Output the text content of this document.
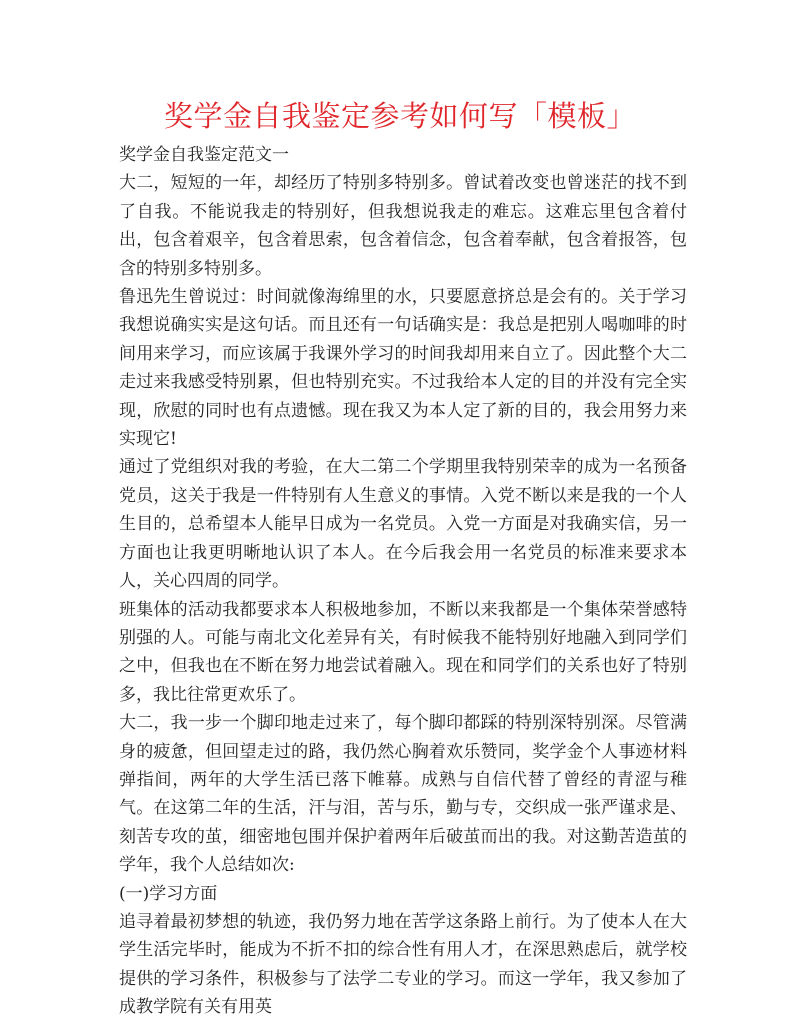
奖学金自我鉴定参考如何写「模板」

奖学金自我鉴定范文一

大二，短短的一年，却经历了特别多特别多。曾试着改变也曾迷茫的找不到了自我。不能说我走的特别好，但我想说我走的难忘。这难忘里包含着付出，包含着艰辛，包含着思索，包含着信念，包含着奉献，包含着报答，包含的特别多特别多。

鲁迅先生曾说过：时间就像海绵里的水，只要愿意挤总是会有的。关于学习我想说确实实是这句话。而且还有一句话确实是：我总是把别人喝咖啡的时间用来学习，而应该属于我课外学习的时间我却用来自立了。因此整个大二走过来我感受特别累，但也特别充实。不过我给本人定的目的并没有完全实现，欣慰的同时也有点遗憾。现在我又为本人定了新的目的，我会用努力来实现它!

通过了党组织对我的考验，在大二第二个学期里我特别荣幸的成为一名预备党员，这关于我是一件特别有人生意义的事情。入党不断以来是我的一个人生目的，总希望本人能早日成为一名党员。入党一方面是对我确实信，另一方面也让我更明晰地认识了本人。在今后我会用一名党员的标准来要求本人，关心四周的同学。

班集体的活动我都要求本人积极地参加，不断以来我都是一个集体荣誉感特别强的人。可能与南北文化差异有关，有时候我不能特别好地融入到同学们之中，但我也在不断在努力地尝试着融入。现在和同学们的关系也好了特别多，我比往常更欢乐了。

大二，我一步一个脚印地走过来了，每个脚印都踩的特别深特别深。尽管满身的疲惫，但回望走过的路，我仍然心胸着欢乐赞同，奖学金个人事迹材料弹指间，两年的大学生活已落下帷幕。成熟与自信代替了曾经的青涩与稚气。在这第二年的生活，汗与泪，苦与乐，勤与专，交织成一张严谨求是、刻苦专攻的茧，细密地包围并保护着两年后破茧而出的我。对这勤苦造茧的学年，我个人总结如次:

(一)学习方面

追寻着最初梦想的轨迹，我仍努力地在苦学这条路上前行。为了使本人在大学生活完毕时，能成为不折不扣的综合性有用人才，在深思熟虑后，就学校提供的学习条件，积极参与了法学二专业的学习。而这一学年，我又参加了成教学院有关有用英
